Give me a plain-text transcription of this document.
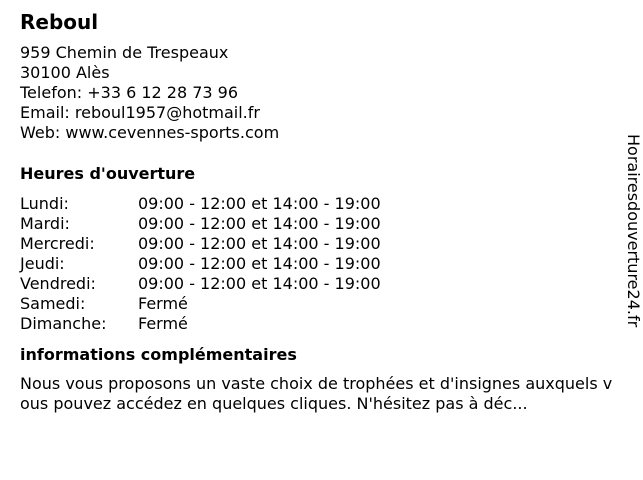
Reboul
959 Chemin de Trespeaux
30100 Alès
Telefon: +33 6 12 28 73 96
Email: reboul1957@hotmail.fr
Web: www.cevennes-sports.com
Heures d'ouverture
Lundi:	09:00 - 12:00 et 14:00 - 19:00
Mardi:	09:00 - 12:00 et 14:00 - 19:00
Mercredi:	09:00 - 12:00 et 14:00 - 19:00
Jeudi:	09:00 - 12:00 et 14:00 - 19:00
Vendredi:	09:00 - 12:00 et 14:00 - 19:00
Samedi:	Fermé
Dimanche:	Fermé
informations complémentaires
Nous vous proposons un vaste choix de trophées et d'insignes auxquels vous pouvez accédez en quelques cliques. N'hésitez pas à déc...
Horairesdouverture24.fr
